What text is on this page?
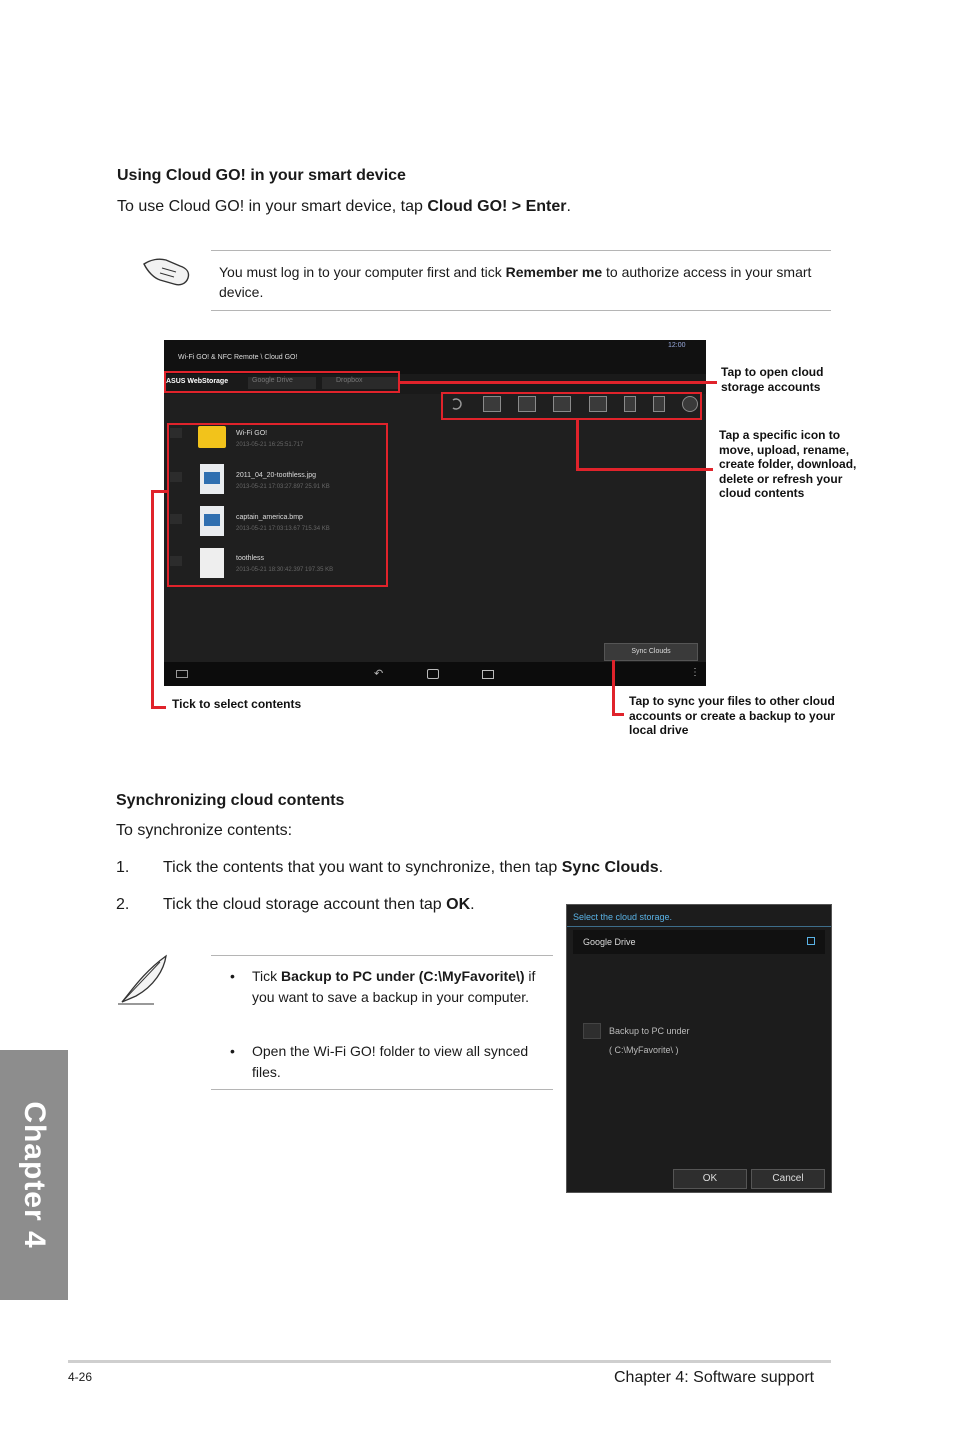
Chapter 4
Using Cloud GO! in your smart device
To use Cloud GO! in your smart device, tap Cloud GO! > Enter.
You must log in to your computer first and tick Remember me to authorize access in your smart device.
Wi-Fi GO! & NFC Remote \ Cloud GO!
12:00
ASUS WebStorage	Google Drive	Dropbox
Wi-Fi GO!
2013-05-21 16:25:51.717
2011_04_20-toothless.jpg
2013-05-21 17:03:27.897 25.91 KB
captain_america.bmp
2013-05-21 17:03:13.67 715.34 KB
toothless
2013-05-21 18:30:42.397 197.35 KB
Sync Clouds
↶	⋮
Tap to open cloud storage accounts
Tap a specific icon to move, upload, rename, create folder, download, delete or refresh your cloud contents
Tick to select contents	Tap to sync your files to other cloud accounts or create a backup to your local drive
Synchronizing cloud contents
To synchronize contents:
1. Tick the contents that you want to synchronize, then tap Sync Clouds.
2. Tick the cloud storage account then tap OK.
• Tick Backup to PC under (C:\MyFavorite\) if you want to save a backup in your computer.
• Open the Wi-Fi GO! folder to view all synced files.
Select the cloud storage.
Google Drive
Backup to PC under
( C:\MyFavorite\ )
OK	Cancel
4-26	Chapter 4: Software support
